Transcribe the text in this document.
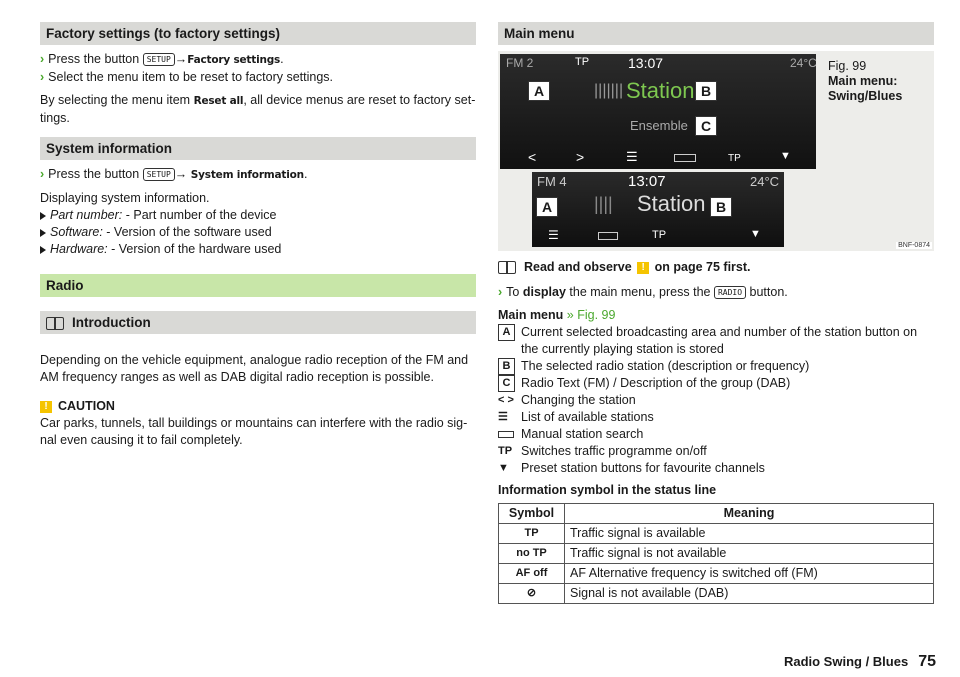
Factory settings (to factory settings)

› Press the button SETUP →Factory settings.

› Select the menu item to be reset to factory settings.

By selecting the menu item Reset all, all device menus are reset to factory set-tings.

System information

› Press the button SETUP → System information.

Displaying system information.

Part number: - Part number of the device

Software: - Version of the software used

Hardware: - Version of the hardware used

Radio
Introduction

Depending on the vehicle equipment, analogue radio reception of the FM and AM frequency ranges as well as DAB digital radio reception is possible.

! CAUTION

Car parks, tunnels, tall buildings or mountains can interfere with the radio sig-nal even causing it to fail completely.

Main menu
FM 2	TP	13:07	24°C
||||||| Station
Ensemble
<	>	☰	TP	▼
A	B
C
FM 4	13:07	24°C
|||| Station
☰	TP	▼
A	B
Fig. 99
Main menu: Swing/Blues
BNF-0874

Read and observe ! on page 75 first.

› To display the main menu, press the RADIO button.

Main menu » Fig. 99

A Current selected broadcasting area and number of the station button on the currently playing station is stored
B The selected radio station (description or frequency)
C Radio Text (FM) / Description of the group (DAB)
< > Changing the station
☰	List of available stations
Manual station search
TP Switches traffic programme on/off
▼ Preset station buttons for favourite channels

Information symbol in the status line

Symbol	Meaning
TP	Traffic signal is available
no TP	Traffic signal is not available
AF off	AF Alternative frequency is switched off (FM)
⊘	Signal is not available (DAB)
Radio Swing / Blues 75
